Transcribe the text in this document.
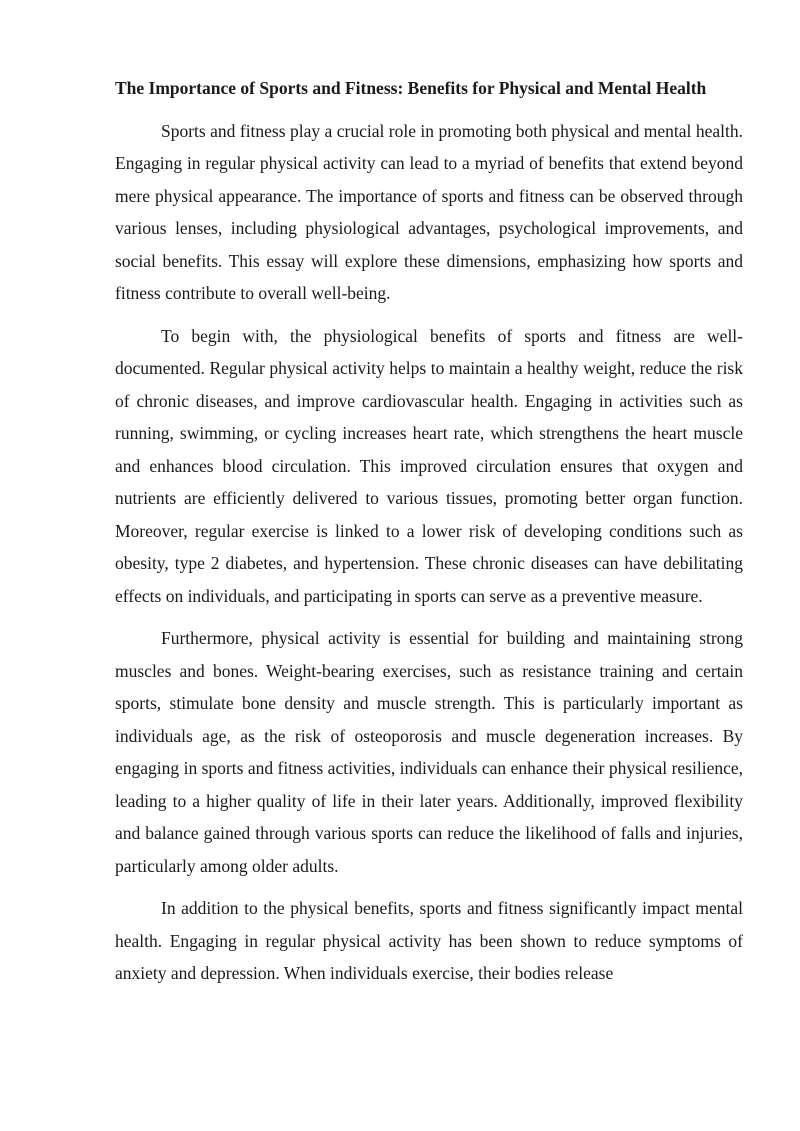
The Importance of Sports and Fitness: Benefits for Physical and Mental Health

Sports and fitness play a crucial role in promoting both physical and mental health. Engaging in regular physical activity can lead to a myriad of benefits that extend beyond mere physical appearance. The importance of sports and fitness can be observed through various lenses, including physiological advantages, psychological improvements, and social benefits. This essay will explore these dimensions, emphasizing how sports and fitness contribute to overall well-being.

To begin with, the physiological benefits of sports and fitness are well-documented. Regular physical activity helps to maintain a healthy weight, reduce the risk of chronic diseases, and improve cardiovascular health. Engaging in activities such as running, swimming, or cycling increases heart rate, which strengthens the heart muscle and enhances blood circulation. This improved circulation ensures that oxygen and nutrients are efficiently delivered to various tissues, promoting better organ function. Moreover, regular exercise is linked to a lower risk of developing conditions such as obesity, type 2 diabetes, and hypertension. These chronic diseases can have debilitating effects on individuals, and participating in sports can serve as a preventive measure.

Furthermore, physical activity is essential for building and maintaining strong muscles and bones. Weight-bearing exercises, such as resistance training and certain sports, stimulate bone density and muscle strength. This is particularly important as individuals age, as the risk of osteoporosis and muscle degeneration increases. By engaging in sports and fitness activities, individuals can enhance their physical resilience, leading to a higher quality of life in their later years. Additionally, improved flexibility and balance gained through various sports can reduce the likelihood of falls and injuries, particularly among older adults.

In addition to the physical benefits, sports and fitness significantly impact mental health. Engaging in regular physical activity has been shown to reduce symptoms of anxiety and depression. When individuals exercise, their bodies release
